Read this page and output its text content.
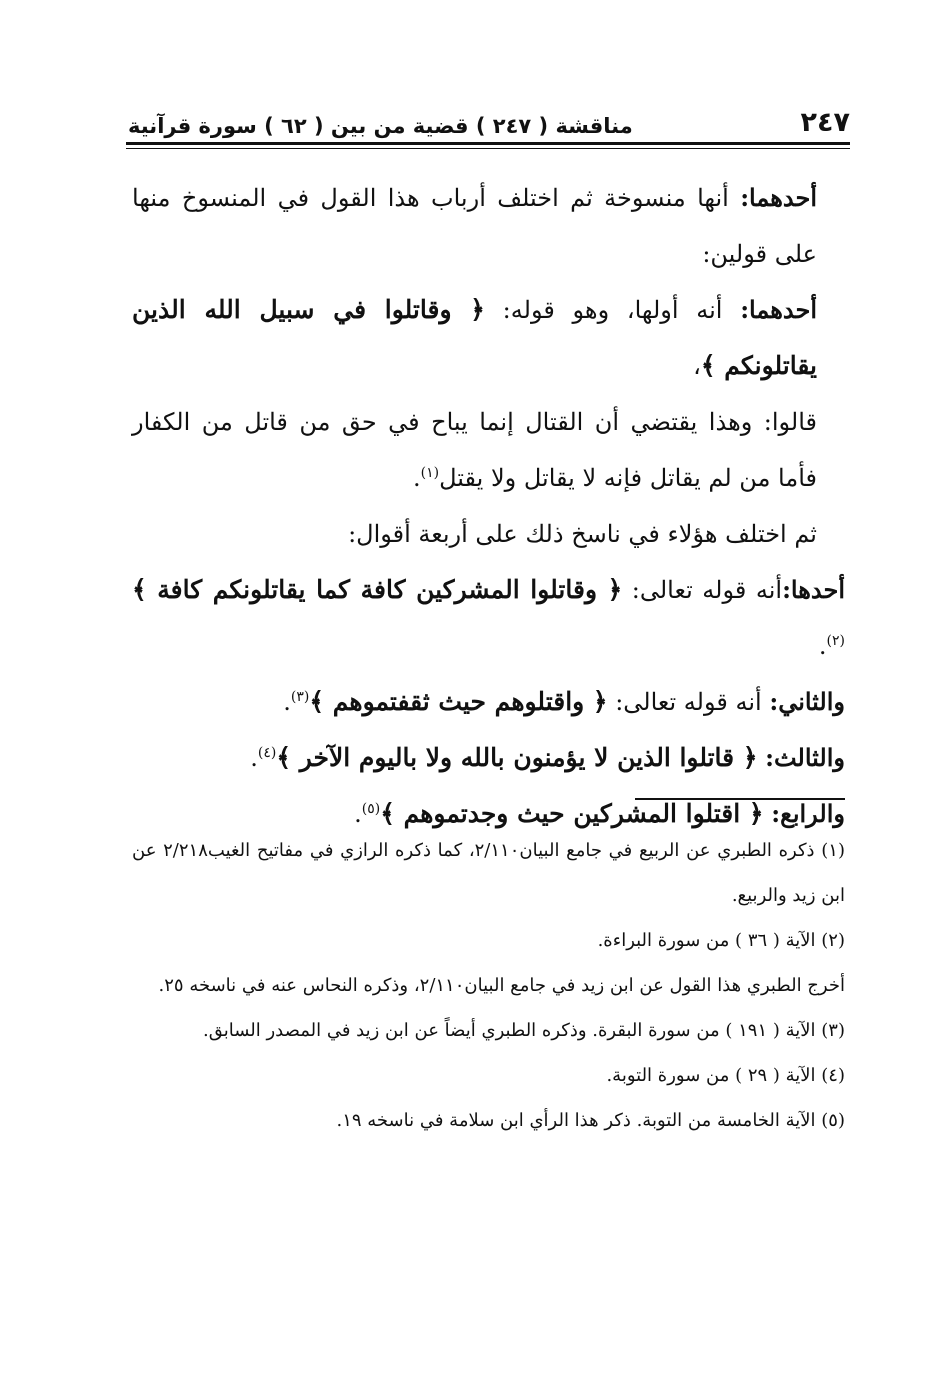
٢٤٧
مناقشة ( ٢٤٧ ) قضية من بين ( ٦٢ ) سورة قرآنية

أحدهما: أنها منسوخة ثم اختلف أرباب هذا القول في المنسوخ منها على قولين:

أحدهما: أنه أولها، وهو قوله: ﴿ وقاتلوا في سبيل الله الذين يقاتلونكم ﴾،

قالوا: وهذا يقتضي أن القتال إنما يباح في حق من قاتل من الكفار فأما من لم يقاتل فإنه لا يقاتل ولا يقتل$^{(١)}$.

ثم اختلف هؤلاء في ناسخ ذلك على أربعة أقوال:

أحدها:أنه قوله تعالى: ﴿ وقاتلوا المشركين كافة كما يقاتلونكم كافة ﴾$^{(٢)}$.

والثاني: أنه قوله تعالى: ﴿ واقتلوهم حيث ثقفتموهم ﴾$^{(٣)}$.

والثالث: ﴿ قاتلوا الذين لا يؤمنون بالله ولا باليوم الآخر ﴾$^{(٤)}$.

والرابع: ﴿ اقتلوا المشركين حيث وجدتموهم ﴾$^{(٥)}$.

(١) ذكره الطبري عن الربيع في جامع البيان٢/١١٠، كما ذكره الرازي في مفاتيح الغيب٢/٢١٨ عن ابن زيد والربيع.

(٢) الآية ( ٣٦ ) من سورة البراءة.

أخرج الطبري هذا القول عن ابن زيد في جامع البيان٢/١١٠، وذكره النحاس عنه في ناسخه ٢٥.

(٣) الآية ( ١٩١ ) من سورة البقرة. وذكره الطبري أيضاً عن ابن زيد في المصدر السابق.

(٤) الآية ( ٢٩ ) من سورة التوبة.

(٥) الآية الخامسة من التوبة. ذكر هذا الرأي ابن سلامة في ناسخه ١٩.
